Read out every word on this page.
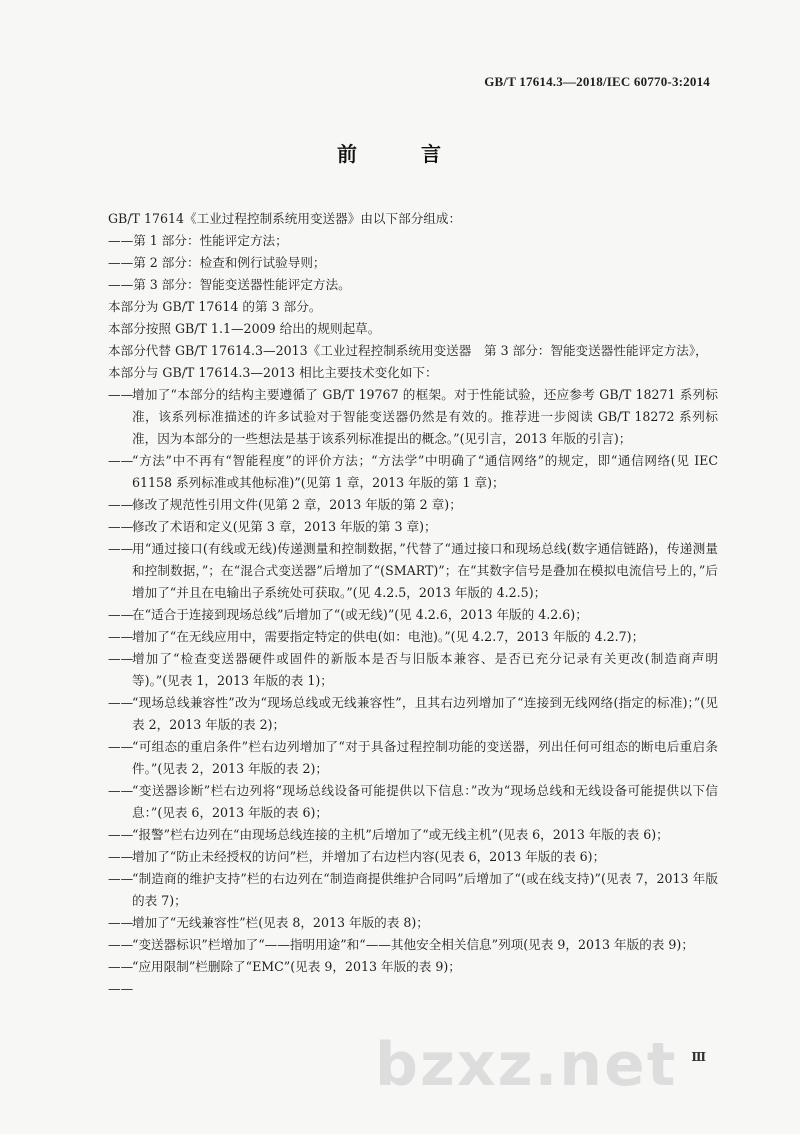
GB/T 17614.3—2018/IEC 60770-3:2014
前　言

GB/T 17614《工业过程控制系统用变送器》由以下部分组成：

——第 1 部分：性能评定方法；

——第 2 部分：检查和例行试验导则；

——第 3 部分：智能变送器性能评定方法。

本部分为 GB/T 17614 的第 3 部分。

本部分按照 GB/T 1.1—2009 给出的规则起草。

本部分代替 GB/T 17614.3—2013《工业过程控制系统用变送器　第 3 部分：智能变送器性能评定方法》，本部分与 GB/T 17614.3—2013 相比主要技术变化如下：

——
增加了“本部分的结构主要遵循了 GB/T 19767 的框架。对于性能试验，还应参考 GB/T 18271 系列标准，该系列标准描述的许多试验对于智能变送器仍然是有效的。推荐进一步阅读 GB/T 18272 系列标准，因为本部分的一些想法是基于该系列标准提出的概念。”(见引言，2013 年版的引言)；
——
“方法”中不再有“智能程度”的评价方法；“方法学”中明确了“通信网络”的规定，即“通信网络(见 IEC 61158 系列标准或其他标准)”(见第 1 章，2013 年版的第 1 章)；
——
修改了规范性引用文件(见第 2 章，2013 年版的第 2 章)；
——
修改了术语和定义(见第 3 章，2013 年版的第 3 章)；
——
用“通过接口(有线或无线)传递测量和控制数据，”代替了“通过接口和现场总线(数字通信链路)，传递测量和控制数据，”；在“混合式变送器”后增加了“(SMART)”；在“其数字信号是叠加在模拟电流信号上的，”后增加了“并且在电输出子系统处可获取。”(见 4.2.5，2013 年版的 4.2.5)；
——
在“适合于连接到现场总线”后增加了“(或无线)”(见 4.2.6，2013 年版的 4.2.6)；
——
增加了“在无线应用中，需要指定特定的供电(如：电池)。”(见 4.2.7，2013 年版的 4.2.7)；
——
增加了“检查变送器硬件或固件的新版本是否与旧版本兼容、是否已充分记录有关更改(制造商声明等)。”(见表 1，2013 年版的表 1)；
——
“现场总线兼容性”改为“现场总线或无线兼容性”，且其右边列增加了“连接到无线网络(指定的标准)；”(见表 2，2013 年版的表 2)；
——
“可组态的重启条件”栏右边列增加了“对于具备过程控制功能的变送器，列出任何可组态的断电后重启条件。”(见表 2，2013 年版的表 2)；
——
“变送器诊断”栏右边列将“现场总线设备可能提供以下信息：”改为“现场总线和无线设备可能提供以下信息：”(见表 6，2013 年版的表 6)；
——
“报警”栏右边列在“由现场总线连接的主机”后增加了“或无线主机”(见表 6，2013 年版的表 6)；
——
增加了“防止未经授权的访问”栏，并增加了右边栏内容(见表 6，2013 年版的表 6)；
——
“制造商的维护支持”栏的右边列在“制造商提供维护合同吗”后增加了“(或在线支持)”(见表 7，2013 年版的表 7)；
——
增加了“无线兼容性”栏(见表 8，2013 年版的表 8)；
——
“变送器标识”栏增加了“——指明用途”和“——其他安全相关信息”列项(见表 9，2013 年版的表 9)；
——
“应用限制”栏删除了“EMC”(见表 9，2013 年版的表 9)；
——
bzxz.net Ⅲ
